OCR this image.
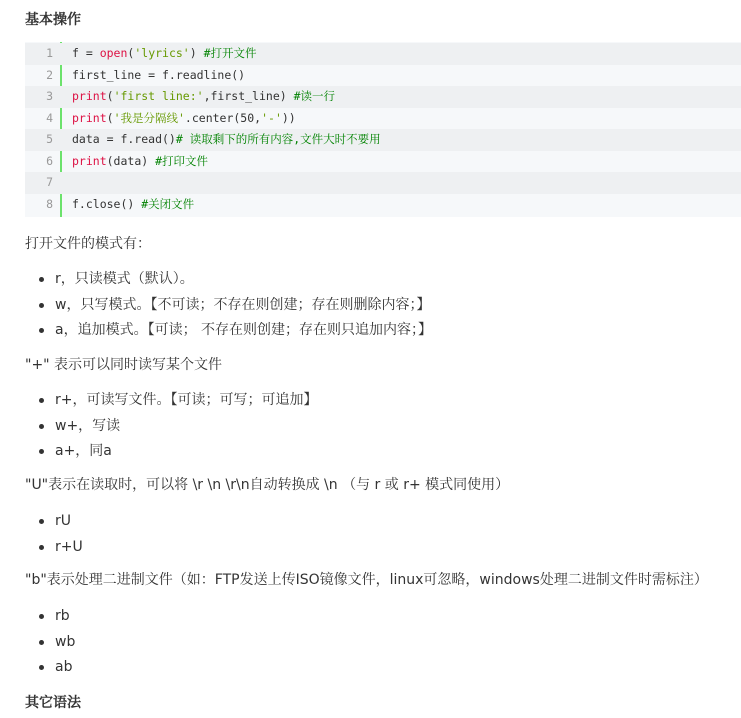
基本操作
1 f = open('lyrics') #打开文件
2 first_line = f.readline()
3 print('first line:',first_line) #读一行
4 print('我是分隔线'.center(50,'-'))
5 data = f.read()# 读取剩下的所有内容,文件大时不要用
6 print(data) #打印文件
7
8 f.close() #关闭文件

打开文件的模式有：

r，只读模式（默认）。
w，只写模式。【不可读；不存在则创建；存在则删除内容；】
a，追加模式。【可读； 不存在则创建；存在则只追加内容；】

"+" 表示可以同时读写某个文件

r+，可读写文件。【可读；可写；可追加】
w+，写读
a+，同a

"U"表示在读取时，可以将 \r \n \r\n自动转换成 \n （与 r 或 r+ 模式同使用）

rU
r+U

"b"表示处理二进制文件（如：FTP发送上传ISO镜像文件，linux可忽略，windows处理二进制文件时需标注）

rb
wb
ab
其它语法
